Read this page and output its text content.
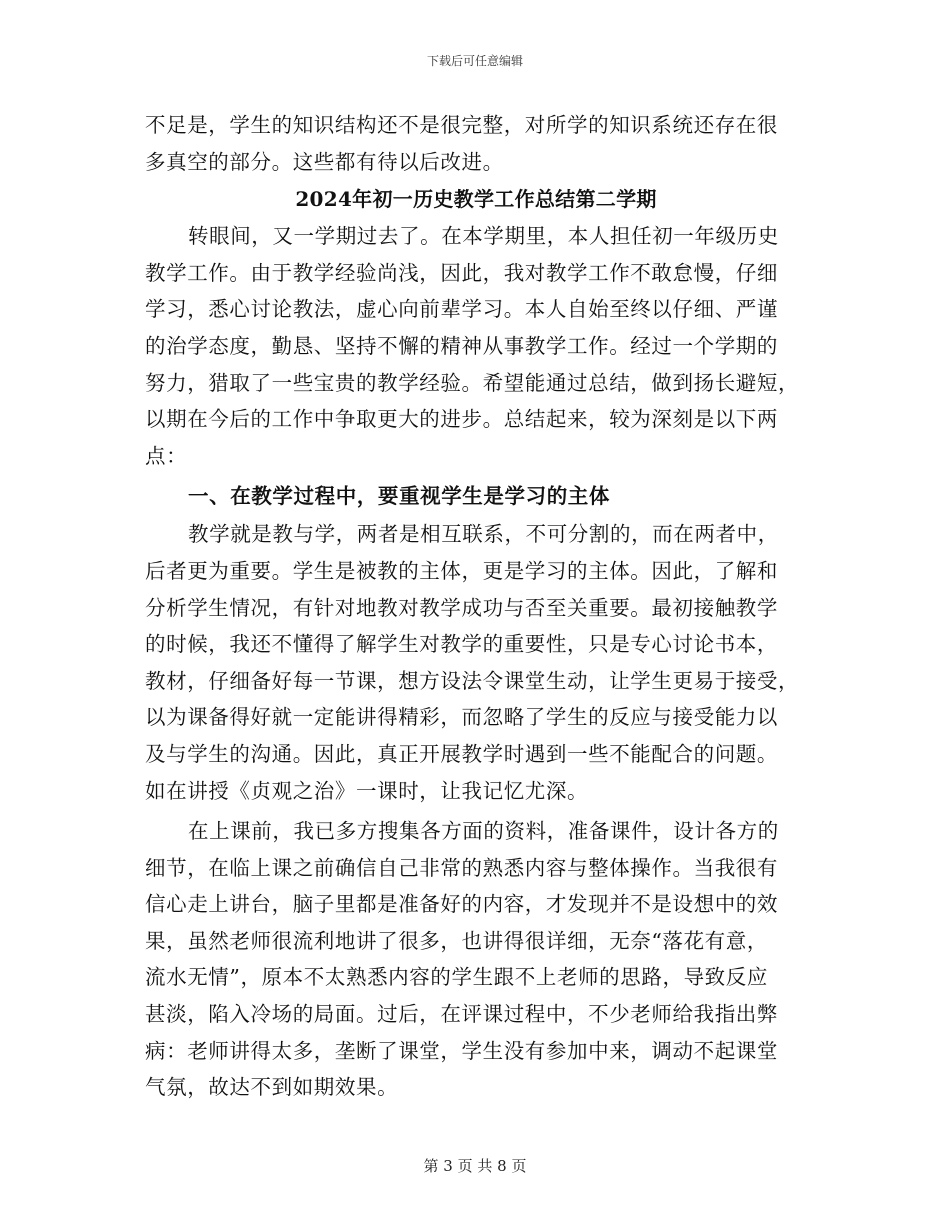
下载后可任意编辑
不足是，学生的知识结构还不是很完整，对所学的知识系统还存在很
多真空的部分。这些都有待以后改进。
2024年初一历史教学工作总结第二学期
转眼间，又一学期过去了。在本学期里，本人担任初一年级历史
教学工作。由于教学经验尚浅，因此，我对教学工作不敢怠慢，仔细
学习，悉心讨论教法，虚心向前辈学习。本人自始至终以仔细、严谨
的治学态度，勤恳、坚持不懈的精神从事教学工作。经过一个学期的
努力，猎取了一些宝贵的教学经验。希望能通过总结，做到扬长避短，
以期在今后的工作中争取更大的进步。总结起来，较为深刻是以下两
点：
一、在教学过程中，要重视学生是学习的主体
教学就是教与学，两者是相互联系，不可分割的，而在两者中，
后者更为重要。学生是被教的主体，更是学习的主体。因此，了解和
分析学生情况，有针对地教对教学成功与否至关重要。最初接触教学
的时候，我还不懂得了解学生对教学的重要性，只是专心讨论书本，
教材，仔细备好每一节课，想方设法令课堂生动，让学生更易于接受，
以为课备得好就一定能讲得精彩，而忽略了学生的反应与接受能力以
及与学生的沟通。因此，真正开展教学时遇到一些不能配合的问题。
如在讲授《贞观之治》一课时，让我记忆尤深。
在上课前，我已多方搜集各方面的资料，准备课件，设计各方的
细节，在临上课之前确信自己非常的熟悉内容与整体操作。当我很有
信心走上讲台，脑子里都是准备好的内容，才发现并不是设想中的效
果，虽然老师很流利地讲了很多，也讲得很详细，无奈“落花有意，
流水无情”，原本不太熟悉内容的学生跟不上老师的思路，导致反应
甚淡，陷入冷场的局面。过后，在评课过程中，不少老师给我指出弊
病：老师讲得太多，垄断了课堂，学生没有参加中来，调动不起课堂
气氛，故达不到如期效果。
第 3 页 共 8 页
